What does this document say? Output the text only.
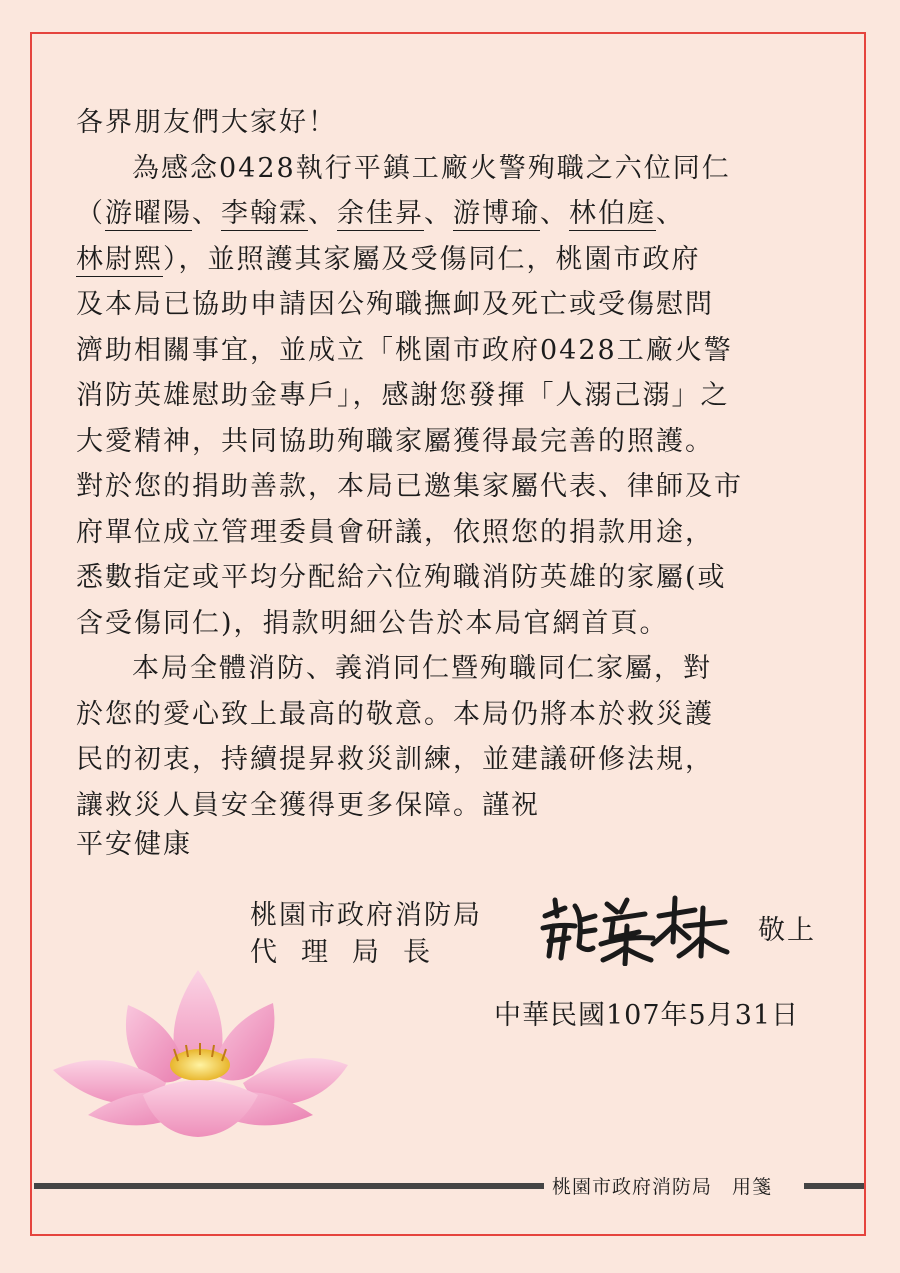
各界朋友們大家好！
為感念0428執行平鎮工廠火警殉職之六位同仁
（游曜陽、李翰霖、余佳昇、游博瑜、林伯庭、
林尉熙），並照護其家屬及受傷同仁，桃園市政府
及本局已協助申請因公殉職撫卹及死亡或受傷慰問
濟助相關事宜，並成立「桃園市政府0428工廠火警
消防英雄慰助金專戶」，感謝您發揮「人溺己溺」之
大愛精神，共同協助殉職家屬獲得最完善的照護。
對於您的捐助善款，本局已邀集家屬代表、律師及市
府單位成立管理委員會研議，依照您的捐款用途，
悉數指定或平均分配給六位殉職消防英雄的家屬(或
含受傷同仁)，捐款明細公告於本局官網首頁。
本局全體消防、義消同仁暨殉職同仁家屬，對
於您的愛心致上最高的敬意。本局仍將本於救災護
民的初衷，持續提昇救災訓練，並建議研修法規，
讓救災人員安全獲得更多保障。謹祝
平安健康
桃園市政府消防局
代理局長
敬上
中華民國107年5月31日
桃園市政府消防局　用箋
